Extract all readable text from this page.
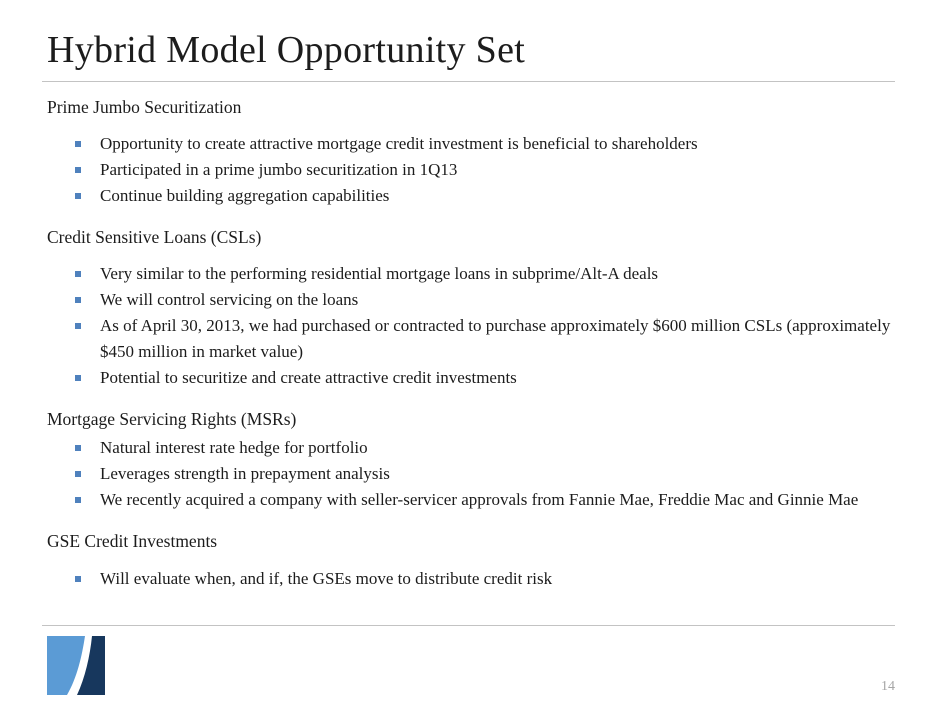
Hybrid Model Opportunity Set
Prime Jumbo Securitization
Opportunity to create attractive mortgage credit investment is beneficial to shareholders
Participated in a prime jumbo securitization in 1Q13
Continue building aggregation capabilities
Credit Sensitive Loans (CSLs)
Very similar to the performing residential mortgage loans in subprime/Alt-A deals
We will control servicing on the loans
As of April 30, 2013, we had purchased or contracted to purchase approximately $600 million CSLs (approximately $450 million in market value)
Potential to securitize and create attractive credit investments
Mortgage Servicing Rights (MSRs)
Natural interest rate hedge for portfolio
Leverages strength in prepayment analysis
We recently acquired a company with seller-servicer approvals from Fannie Mae, Freddie Mac and Ginnie Mae
GSE Credit Investments
Will evaluate when, and if, the GSEs move to distribute credit risk
14
